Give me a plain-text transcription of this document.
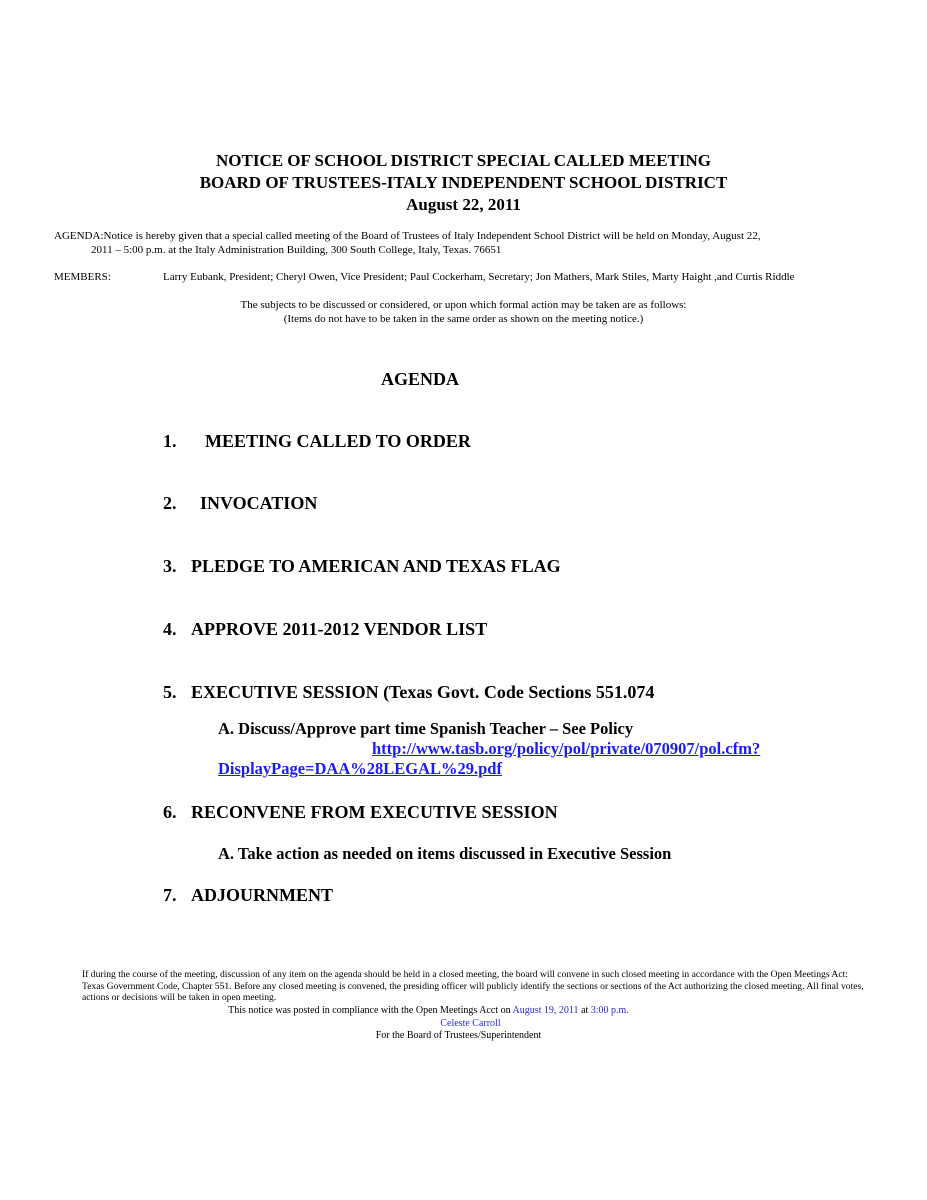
NOTICE OF SCHOOL DISTRICT SPECIAL CALLED MEETING
BOARD OF TRUSTEES-ITALY INDEPENDENT SCHOOL DISTRICT
August 22, 2011
AGENDA:Notice is hereby given that a special called meeting of the Board of Trustees of Italy Independent School District will be held on Monday, August 22,
2011 – 5:00 p.m. at the Italy Administration Building, 300 South College, Italy, Texas. 76651
MEMBERS:	Larry Eubank, President; Cheryl Owen, Vice President; Paul Cockerham, Secretary; Jon Mathers, Mark Stiles, Marty Haight ,and Curtis Riddle
The subjects to be discussed or considered, or upon which formal action may be taken are as follows:
(Items do not have to be taken in the same order as shown on the meeting notice.)
AGENDA
1. MEETING CALLED TO ORDER
2. INVOCATION
3. PLEDGE TO AMERICAN AND TEXAS FLAG
4. APPROVE 2011-2012 VENDOR LIST
5. EXECUTIVE SESSION (Texas Govt. Code Sections 551.074
A. Discuss/Approve part time Spanish Teacher – See Policy
http://www.tasb.org/policy/pol/private/070907/pol.cfm?
DisplayPage=DAA%28LEGAL%29.pdf
6. RECONVENE FROM EXECUTIVE SESSION
A. Take action as needed on items discussed in Executive Session
7. ADJOURNMENT
If during the course of the meeting, discussion of any item on the agenda should be held in a closed meeting, the board will convene in such closed meeting in accordance with the Open Meetings Act: Texas Government Code, Chapter 551. Before any closed meeting is convened, the presiding officer will publicly identify the sections or sections of the Act authorizing the closed meeting. All final votes, actions or decisions will be taken in open meeting.
This notice was posted in compliance with the Open Meetings Acct on August 19, 2011 at 3:00 p.m.
Celeste Carroll
For the Board of Trustees/Superintendent
